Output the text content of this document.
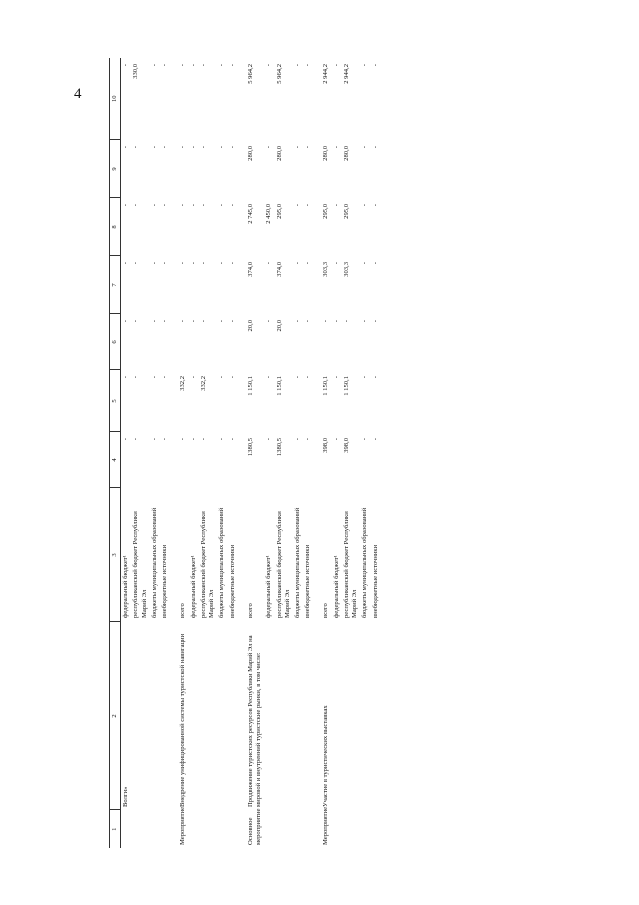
4
1	2	3	4	5	6	7	8	9	10
	Волги»	федеральный бюджет¹	-	-	-	-	-	-	-
		республиканский бюджет Республики Марий Эл	-	-	-	-	-	-	330,0
		бюджеты муниципальных образований	-	-	-	-	-	-	-
		внебюджетные источники	-	-	-	-	-	-	-

Мероприятие	Внедрение унифицированной системы туристской навигации	всего	-	332,2	-	-	-	-	-
		федеральный бюджет¹	-	-	-	-	-	-	-
		республиканский бюджет Республики Марий Эл	-	332,2	-	-	-	-	-
		бюджеты муниципальных образований	-	-	-	-	-	-	-
		внебюджетные источники	-	-	-	-	-	-	-

Основное мероприятие	Продвижение туристских ресурсов Республики Марий Эл на мировой и внутренний туристские рынки, в том числе:	всего	1380,5	1 150,1	20,0	374,0	2 745,0	280,0	5 964,2
		федеральный бюджет¹	-	-	-	-	2 450,0	-	-
		республиканский бюджет Республики Марий Эл	1380,5	1 150,1	20,0	374,0	295,0	280,0	5 964,2
		бюджеты муниципальных образований	-	-	-	-	-	-	-
		внебюджетные источники	-	-	-	-	-	-	-

Мероприятие	Участие в туристических выставках	всего	398,0	1 150,1	-	303,3	295,0	280,0	2 944,2
		федеральный бюджет¹	-	-	-	-	-	-	-
		республиканский бюджет Республики Марий Эл	398,0	1 150,1	-	303,3	295,0	280,0	2 944,2
		бюджеты муниципальных образований	-	-	-	-	-	-	-
		внебюджетные источники	-	-	-	-	-	-	-
